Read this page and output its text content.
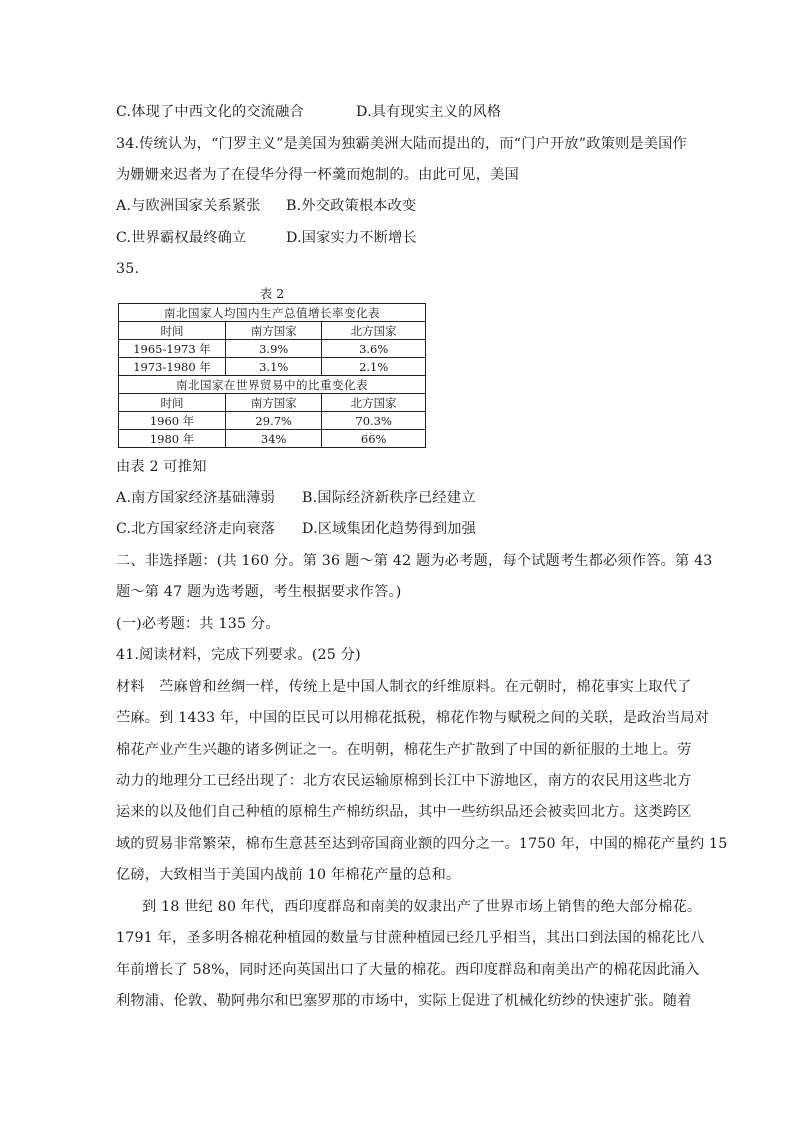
C.体现了中西文化的交流融合	D.具有现实主义的风格
34.传统认为，“门罗主义”是美国为独霸美洲大陆而提出的，而“门户开放”政策则是美国作
为姗姗来迟者为了在侵华分得一杯羹而炮制的。由此可见，美国
A.与欧洲国家关系紧张 B.外交政策根本改变
C.世界霸权最终确立	D.国家实力不断增长
35.
表 2
南北国家人均国内生产总值增长率变化表		
时间	南方国家	北方国家
1965-1973 年	3.9%	3.6%
1973-1980 年	3.1%	2.1%
南北国家在世界贸易中的比重变化表		
时间	南方国家	北方国家
1960 年	29.7%	70.3%
1980 年	34%	66%
由表 2 可推知
A.南方国家经济基础薄弱 B.国际经济新秩序已经建立
C.北方国家经济走向衰落 D.区域集团化趋势得到加强
二、非选择题：(共 160 分。第 36 题～第 42 题为必考题，每个试题考生都必须作答。第 43
题～第 47 题为选考题，考生根据要求作答。)
(一)必考题：共 135 分。
41.阅读材料，完成下列要求。(25 分)
材料　苎麻曾和丝绸一样，传统上是中国人制衣的纤维原料。在元朝时，棉花事实上取代了
苎麻。到 1433 年，中国的臣民可以用棉花抵税，棉花作物与赋税之间的关联，是政治当局对
棉花产业产生兴趣的诸多例证之一。在明朝，棉花生产扩散到了中国的新征服的土地上。劳
动力的地理分工已经出现了：北方农民运输原棉到长江中下游地区，南方的农民用这些北方
运来的以及他们自己种植的原棉生产棉纺织品，其中一些纺织品还会被卖回北方。这类跨区
域的贸易非常繁荣，棉布生意甚至达到帝国商业额的四分之一。1750 年，中国的棉花产量约 15
亿磅，大致相当于美国内战前 10 年棉花产量的总和。
到 18 世纪 80 年代，西印度群岛和南美的奴隶出产了世界市场上销售的绝大部分棉花。
1791 年，圣多明各棉花种植园的数量与甘蔗种植园已经几乎相当，其出口到法国的棉花比八
年前增长了 58%，同时还向英国出口了大量的棉花。西印度群岛和南美出产的棉花因此涌入
利物浦、伦敦、勒阿弗尔和巴塞罗那的市场中，实际上促进了机械化纺纱的快速扩张。随着
